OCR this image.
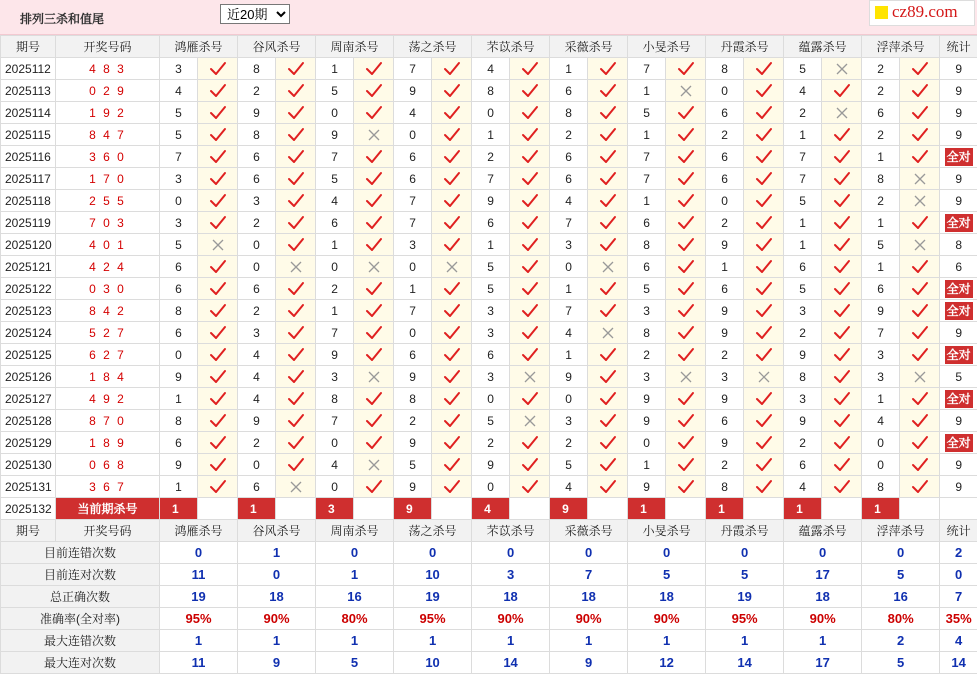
排列三杀和值尾
近20期	cz89.com
期号	开奖号码	鸿雁杀号		谷风杀号		周南杀号		荡之杀号		芣苡杀号		采薇杀号		小旻杀号		丹霞杀号		蕴露杀号		浮萍杀号		统计
2025112	4 8 3	3		8		1		7		4		1		7		8		5		2		9
2025113	0 2 9	4		2		5		9		8		6		1		0		4		2		9
2025114	1 9 2	5		9		0		4		0		8		5		6		2		6		9
2025115	8 4 7	5		8		9		0		1		2		1		2		1		2		9
2025116	3 6 0	7		6		7		6		2		6		7		6		7		1		全对
2025117	1 7 0	3		6		5		6		7		6		7		6		7		8		9
2025118	2 5 5	0		3		4		7		9		4		1		0		5		2		9
2025119	7 0 3	3		2		6		7		6		7		6		2		1		1		全对
2025120	4 0 1	5		0		1		3		1		3		8		9		1		5		8
2025121	4 2 4	6		0		0		0		5		0		6		1		6		1		6
2025122	0 3 0	6		6		2		1		5		1		5		6		5		6		全对
2025123	8 4 2	8		2		1		7		3		7		3		9		3		9		全对
2025124	5 2 7	6		3		7		0		3		4		8		9		2		7		9
2025125	6 2 7	0		4		9		6		6		1		2		2		9		3		全对
2025126	1 8 4	9		4		3		9		3		9		3		3		8		3		5
2025127	4 9 2	1		4		8		8		0		0		9		9		3		1		全对
2025128	8 7 0	8		9		7		2		5		3		9		6		9		4		9
2025129	1 8 9	6		2		0		9		2		2		0		9		2		0		全对
2025130	0 6 8	9		0		4		5		9		5		1		2		6		0		9
2025131	3 6 7	1		6		0		9		0		4		9		8		4		8		9
2025132	当前期杀号	1		1		3		9		4		9		1		1		1		1		
期号	开奖号码	鸿雁杀号		谷风杀号		周南杀号		荡之杀号		芣苡杀号		采薇杀号		小旻杀号		丹霞杀号		蕴露杀号		浮萍杀号		统计
目前连错次数		0		1		0		0		0		0		0		0		0		0		2
目前连对次数		11		0		1		10		3		7		5		5		17		5		0
总正确次数		19		18		16		19		18		18		18		19		18		16		7
准确率(全对率)		95%		90%		80%		95%		90%		90%		90%		95%		90%		80%		35%
最大连错次数		1		1		1		1		1		1		1		1		1		2		4
最大连对次数		11		9		5		10		14		9		12		14		17		5		14
